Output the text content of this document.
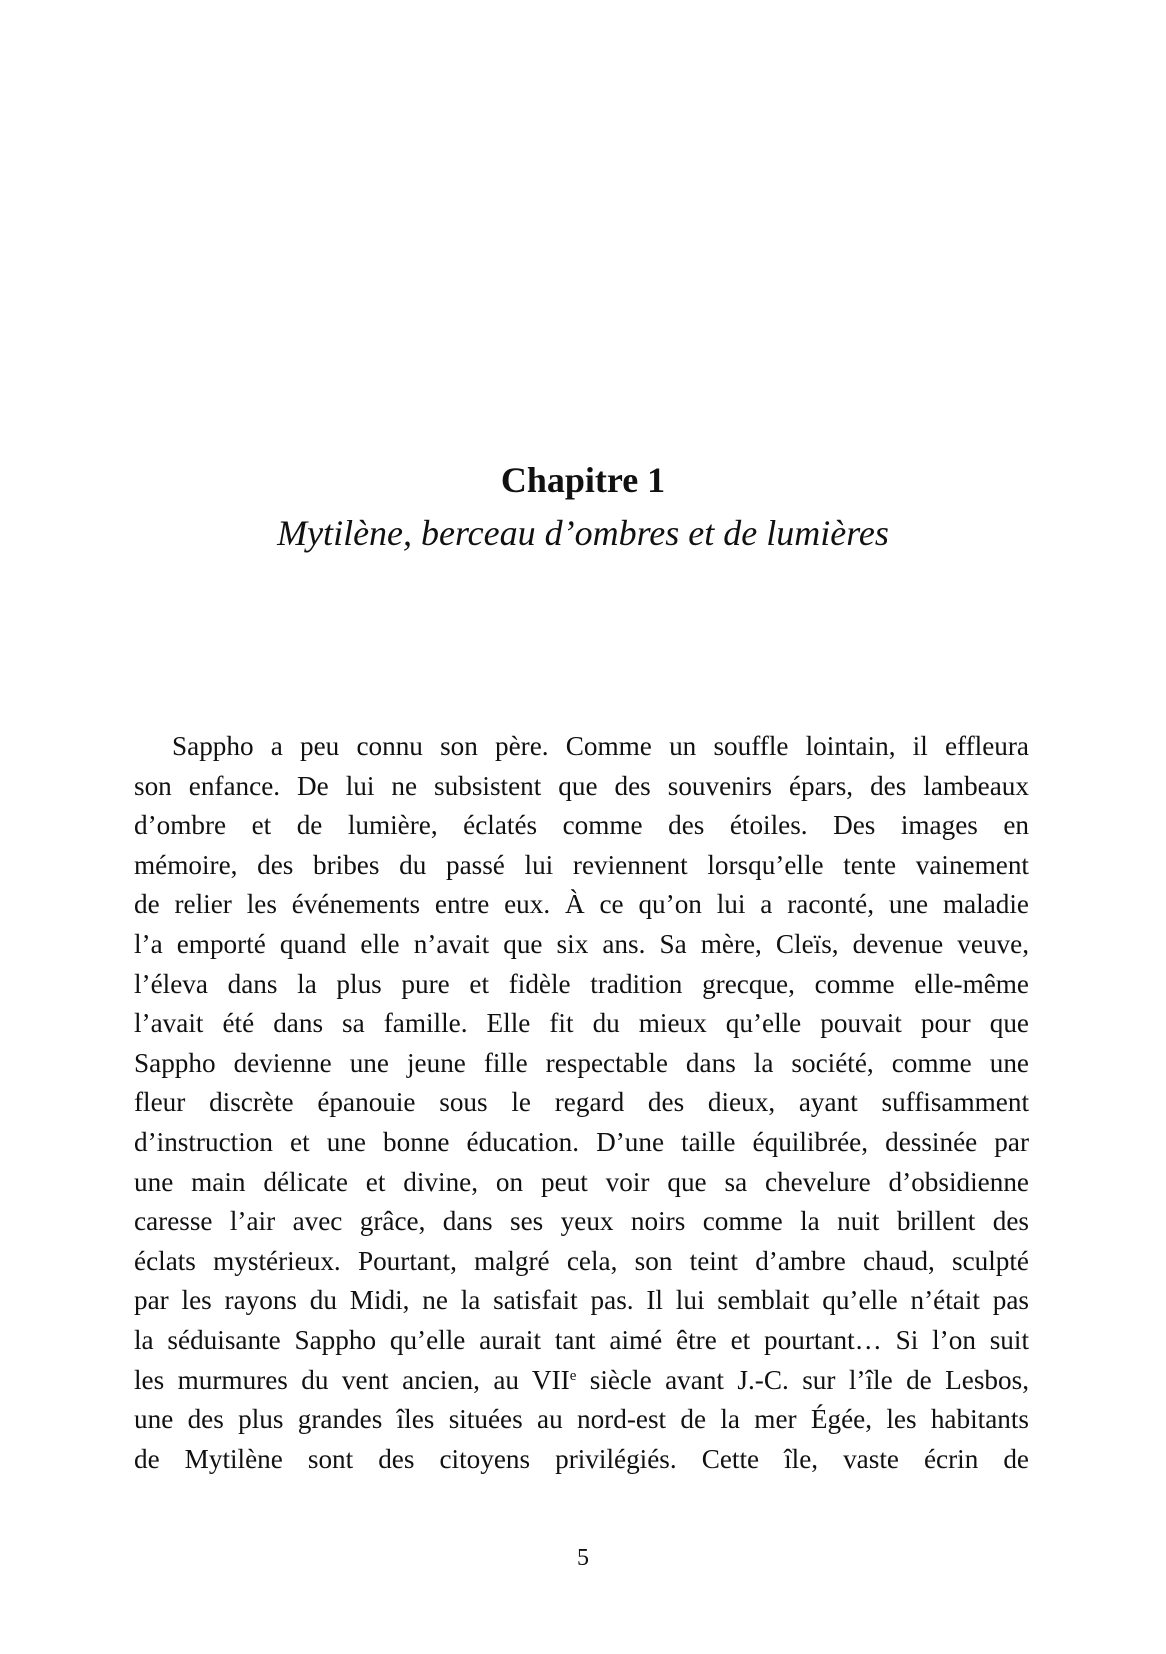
Chapitre 1
Mytilène, berceau d’ombres et de lumières
Sappho a peu connu son père. Comme un souffle lointain, il effleura
son enfance. De lui ne subsistent que des souvenirs épars, des lambeaux
d’ombre et de lumière, éclatés comme des étoiles. Des images en
mémoire, des bribes du passé lui reviennent lorsqu’elle tente vainement
de relier les événements entre eux. À ce qu’on lui a raconté, une maladie
l’a emporté quand elle n’avait que six ans. Sa mère, Cleïs, devenue veuve,
l’éleva dans la plus pure et fidèle tradition grecque, comme elle-même
l’avait été dans sa famille. Elle fit du mieux qu’elle pouvait pour que
Sappho devienne une jeune fille respectable dans la société, comme une
fleur discrète épanouie sous le regard des dieux, ayant suffisamment
d’instruction et une bonne éducation. D’une taille équilibrée, dessinée par
une main délicate et divine, on peut voir que sa chevelure d’obsidienne
caresse l’air avec grâce, dans ses yeux noirs comme la nuit brillent des
éclats mystérieux. Pourtant, malgré cela, son teint d’ambre chaud, sculpté
par les rayons du Midi, ne la satisfait pas. Il lui semblait qu’elle n’était pas
la séduisante Sappho qu’elle aurait tant aimé être et pourtant… Si l’on suit
les murmures du vent ancien, au VIIe siècle avant J.-C. sur l’île de Lesbos,
une des plus grandes îles situées au nord-est de la mer Égée, les habitants
de Mytilène sont des citoyens privilégiés. Cette île, vaste écrin de
5
